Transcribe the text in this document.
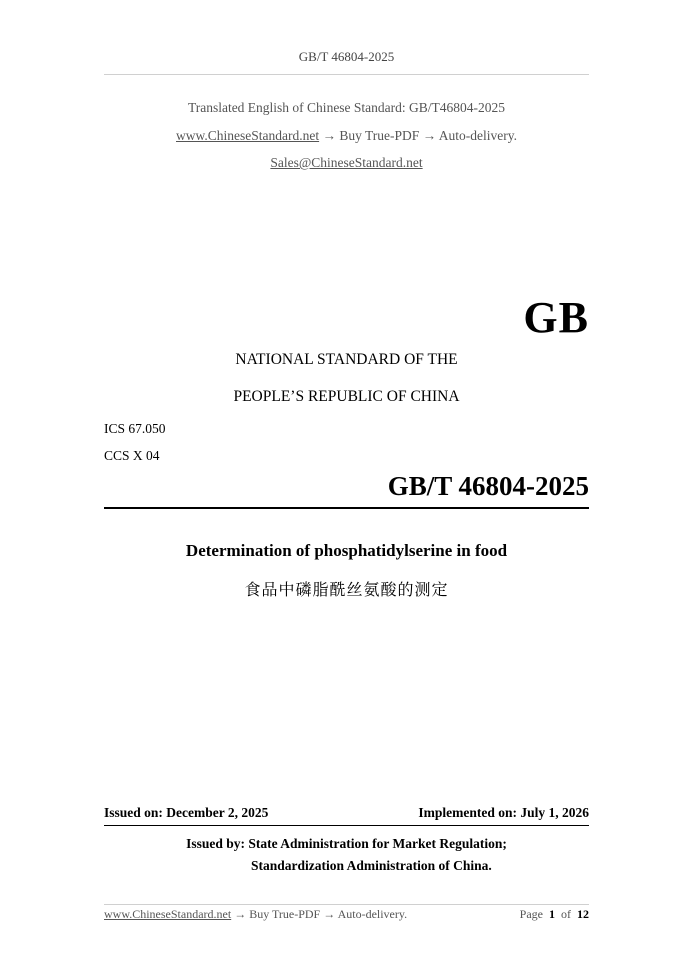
GB/T 46804-2025
Translated English of Chinese Standard: GB/T46804-2025
www.ChineseStandard.net → Buy True-PDF → Auto-delivery.
Sales@ChineseStandard.net
GB
NATIONAL STANDARD OF THE
PEOPLE’S REPUBLIC OF CHINA
ICS 67.050
CCS X 04
GB/T 46804-2025
Determination of phosphatidylserine in food
食品中磷脂酰丝氨酸的测定
Issued on: December 2, 2025	Implemented on: July 1, 2026
Issued by: State Administration for Market Regulation;
Standardization Administration of China.
www.ChineseStandard.net → Buy True-PDF → Auto-delivery.	Page 1 of 12
